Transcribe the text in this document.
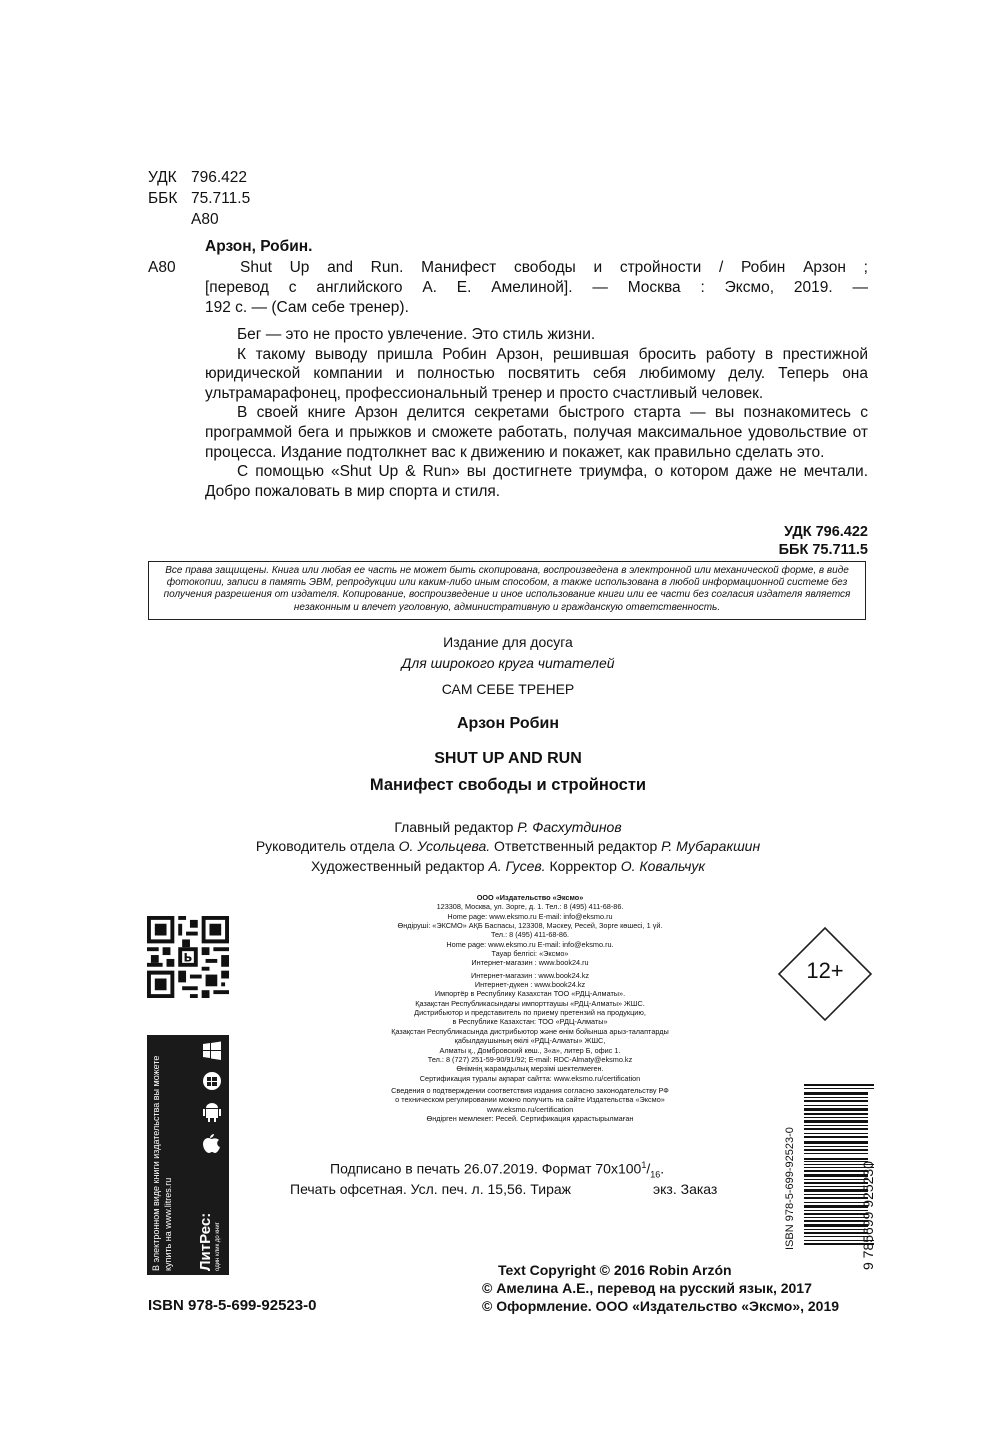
УДК 796.422
ББК 75.711.5
А80
Арзон, Робин.
А80	Shut Up and Run. Манифест свободы и стройности / Робин Арзон ;
[перевод с английского А. Е. Амелиной]. — Москва : Эксмо, 2019. —
192 с. — (Сам себе тренер).

Бег — это не просто увлечение. Это стиль жизни.

К такому выводу пришла Робин Арзон, решившая бросить работу в престижной юридической компании и полностью посвятить себя любимому делу. Теперь она ультрамарафонец, профессиональный тренер и просто счастливый человек.

В своей книге Арзон делится секретами быстрого старта — вы познакомитесь с программой бега и прыжков и сможете работать, получая максимальное удовольствие от процесса. Издание подтолкнет вас к движению и покажет, как правильно сделать это.

С помощью «Shut Up & Run» вы достигнете триумфа, о котором даже не мечтали. Добро пожаловать в мир спорта и стиля.

УДК 796.422
ББК 75.711.5
Все права защищены. Книга или любая ее часть не может быть скопирована, воспроизведена в электронной или механической форме, в виде фотокопии, записи в память ЭВМ, репродукции или каким-либо иным способом, а также использована в любой информационной системе без получения разрешения от издателя. Копирование, воспроизведение и иное использование книги или ее части без согласия издателя является незаконным и влечет уголовную, административную и гражданскую ответственность.
Издание для досуга
Для широкого круга читателей
САМ СЕБЕ ТРЕНЕР
Арзон Робин
SHUT UP AND RUN
Манифест свободы и стройности
Главный редактор Р. Фасхутдинов
Руководитель отдела О. Усольцева. Ответственный редактор Р. Мубаракшин
Художественный редактор А. Гусев. Корректор О. Ковальчук
Ь
В электронном виде книги издательства вы можете купить на www.litres.ru ЛитРес: один клик до книг
ООО «Издательство «Эксмо»
123308, Москва, ул. Зорге, д. 1. Тел.: 8 (495) 411-68-86.
Home page: www.eksmo.ru E-mail: info@eksmo.ru
Өндіруші: «ЭКСМО» АҚБ Баспасы, 123308, Мәскеу, Ресей, Зорге көшесі, 1 үй.
Тел.: 8 (495) 411-68-86.
Home page: www.eksmo.ru E-mail: info@eksmo.ru.
Тауар белгісі: «Эксмо»
Интернет-магазин : www.book24.ru
Интернет-магазин : www.book24.kz
Интернет-дүкен : www.book24.kz
Импортёр в Республику Казахстан ТОО «РДЦ-Алматы».
Қазақстан Республикасындағы импорттаушы «РДЦ-Алматы» ЖШС.
Дистрибьютор и представитель по приему претензий на продукцию,
в Республике Казахстан: ТОО «РДЦ-Алматы»
Қазақстан Республикасында дистрибьютор және өнім бойынша арыз-талаптарды
қабылдаушының өкілі «РДЦ-Алматы» ЖШС,
Алматы қ., Домбровский көш., 3«а», литер Б, офис 1.
Тел.: 8 (727) 251-59-90/91/92; E-mail: RDC-Almaty@eksmo.kz
Өнімнің жарамдылық мерзімі шектелмеген.
Сертификация туралы ақпарат сайтта: www.eksmo.ru/certification
Сведения о подтверждении соответствия издания согласно законодательству РФ
о техническом регулировании можно получить на сайте Издательства «Эксмо»
www.eksmo.ru/certification
Өндірген мемлекет: Ресей. Сертификация қарастырылмаған
12+
ISBN 978-5-699-92523-0	9 785699 925230
Подписано в печать 26.07.2019. Формат $70x100^1/_{16}$.
Печать офсетная. Усл. печ. л. 15,56. Тираж	экз. Заказ
Text Copyright © 2016 Robin Arzón
© Амелина А.Е., перевод на русский язык, 2017
© Оформление. ООО «Издательство «Эксмо», 2019
ISBN 978-5-699-92523-0
